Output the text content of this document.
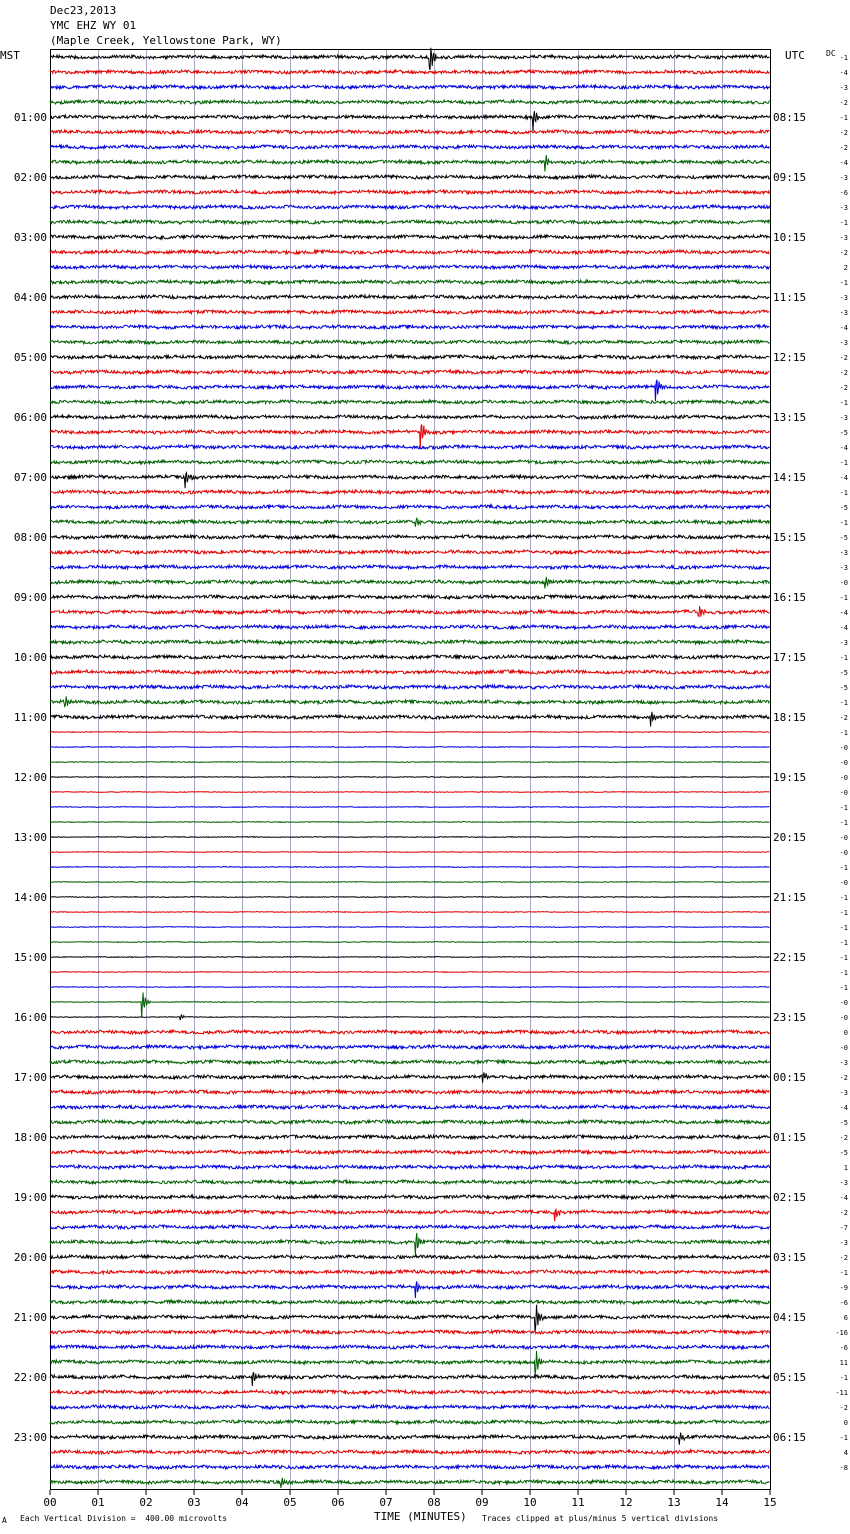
Dec23,2013
YMC EHZ WY 01
(Maple Creek, Yellowstone Park, WY)
MST	UTC	DC -1
-4
-3
-2
-1
-2
-2
-4
-3
-6
-3
-1
-3
-2
2
-1
-3
-3
-4
-3
-2
-2
-2
-1
-3
-5
-4
-1
-4
-1
-5
-1
-5
-3
-3
-0
-1
-4
-4
-3
-1
-5
-5
-1
-2
-1
-0
-0
-0
-0
-1
-1
-0
-0
-1
-0
-1
-1
-1
-1
-1
-1
-1
-0
-0
0
-0
-3
-2
-3
-4
-5
-2
-5
1
-3
-4
-2
-7
-3
-2
-1
-9
-6
6
-16
-6
11
-1
-11
-2
0
-1
4
-8
01:00
02:00
03:00
04:00
05:00
06:00
07:00
08:00
09:00
10:00
11:00
12:00
13:00
14:00
15:00
16:00
17:00
18:00
19:00
20:00
21:00
22:00
23:00
08:15
09:15
10:15
11:15
12:15
13:15
14:15
15:15
16:15
17:15
18:15
19:15
20:15
21:15
22:15
23:15
00:15
01:15
02:15
03:15
04:15
05:15
06:15
00	01	02	03	04	05	06	07	08	09	10	11	12	13	14	15
A Each Vertical Division =  400.00 microvolts	TIME (MINUTES) Traces clipped at plus/minus 5 vertical divisions
